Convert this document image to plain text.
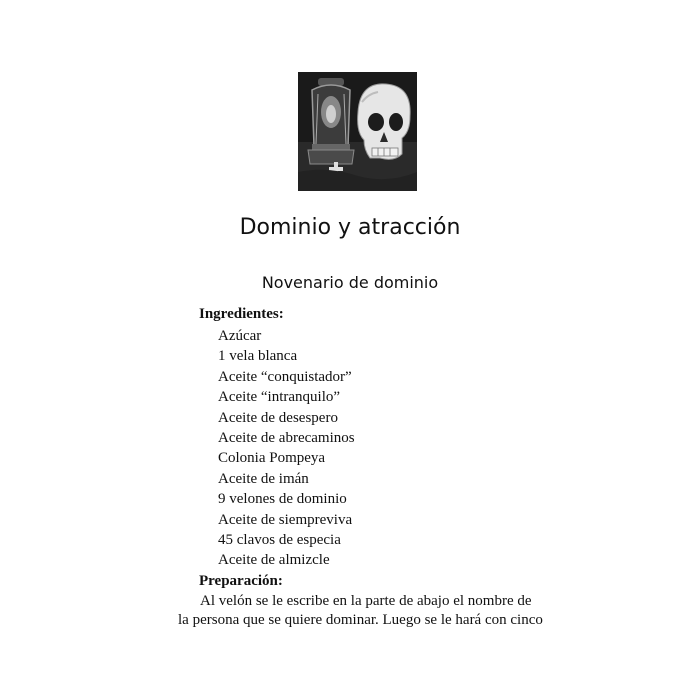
Dominio y atracción
Novenario de dominio
Ingredientes:
Azúcar
1 vela blanca
Aceite “conquistador”
Aceite “intranquilo”
Aceite de desespero
Aceite de abrecaminos
Colonia Pompeya
Aceite de imán
9 velones de dominio
Aceite de siempreviva
45 clavos de especia
Aceite de almizcle
Preparación:

Al velón se le escribe en la parte de abajo el nombre de
la persona que se quiere dominar. Luego se le hará con cinco
